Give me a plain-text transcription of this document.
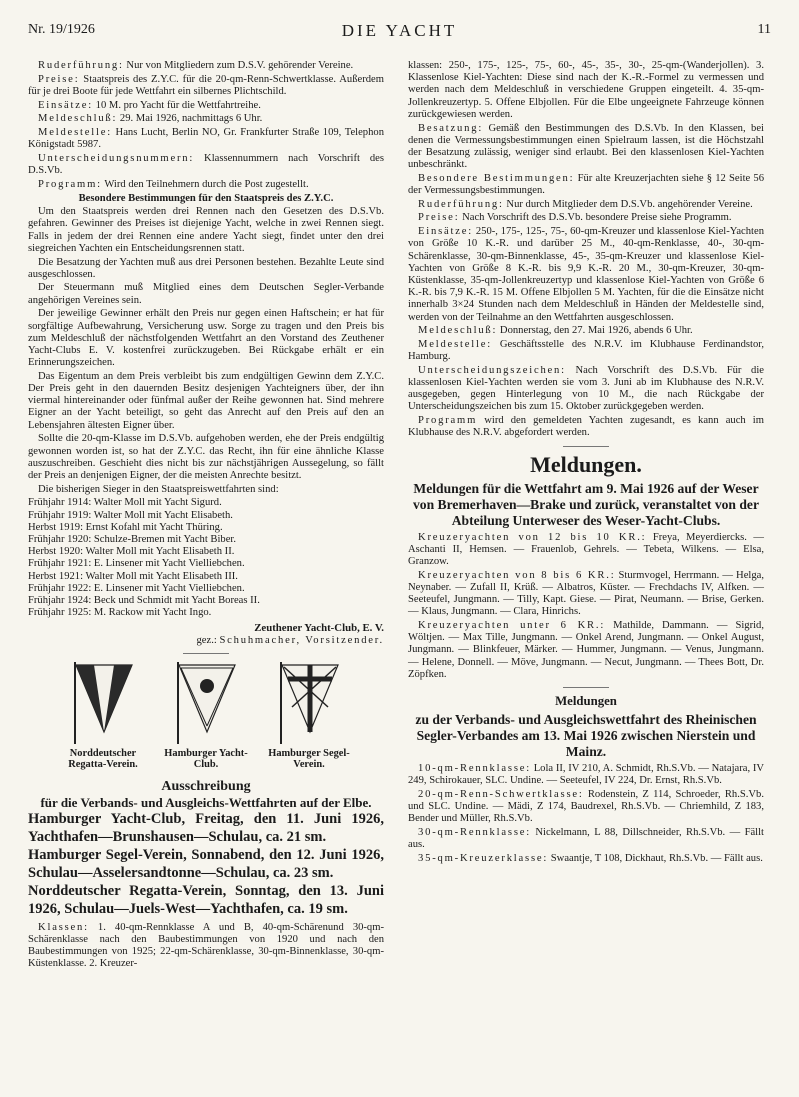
Nr. 19/1926	DIE YACHT	11

Ruderführung: Nur von Mitgliedern zum D.S.V. gehörender Vereine.

Preise: Staatspreis des Z.Y.C. für die 20-qm-Renn-Schwertklasse. Außerdem für je drei Boote für jede Wettfahrt ein silbernes Plichtschild.

Einsätze: 10 M. pro Yacht für die Wettfahrtreihe.

Meldeschluß: 29. Mai 1926, nachmittags 6 Uhr.

Meldestelle: Hans Lucht, Berlin NO, Gr. Frankfurter Straße 109, Telephon Königstadt 5987.

Unterscheidungsnummern: Klassennummern nach Vorschrift des D.S.Vb.

Programm: Wird den Teilnehmern durch die Post zugestellt.

Besondere Bestimmungen für den Staatspreis des Z.Y.C.

Um den Staatspreis werden drei Rennen nach den Gesetzen des D.S.Vb. gefahren. Gewinner des Preises ist diejenige Yacht, welche in zwei Rennen siegt. Falls in jedem der drei Rennen eine andere Yacht siegt, findet unter den drei siegreichen Yachten ein Entscheidungsrennen statt.

Die Besatzung der Yachten muß aus drei Personen bestehen. Bezahlte Leute sind ausgeschlossen.

Der Steuermann muß Mitglied eines dem Deutschen Segler-Verbande angehörigen Vereines sein.

Der jeweilige Gewinner erhält den Preis nur gegen einen Haftschein; er hat für sorgfältige Aufbewahrung, Versicherung usw. Sorge zu tragen und den Preis bis zum Meldeschluß der nächstfolgenden Wettfahrt an den Vorstand des Zeuthener Yacht-Clubs E. V. kostenfrei zurückzugeben. Bei Rückgabe erhält er ein Erinnerungszeichen.

Das Eigentum an dem Preis verbleibt bis zum endgültigen Gewinn dem Z.Y.C. Der Preis geht in den dauernden Besitz desjenigen Yachteigners über, der ihn viermal hintereinander oder fünfmal außer der Reihe gewonnen hat. Sind mehrere Eigner an der Yacht beteiligt, so geht das Anrecht auf den Preis auf den an Lebensjahren ältesten Eigner über.

Sollte die 20-qm-Klasse im D.S.Vb. aufgehoben werden, ehe der Preis endgültig gewonnen worden ist, so hat der Z.Y.C. das Recht, ihn für eine ähnliche Klasse auszuschreiben. Geschieht dies nicht bis zur nächstjährigen Aussegelung, so fällt der Preis an denjenigen Eigner, der die meisten Anrechte besitzt.

Die bisherigen Sieger in den Staatspreiswettfahrten sind:

Frühjahr 1914: Walter Moll mit Yacht Sigurd.

Frühjahr 1919: Walter Moll mit Yacht Elisabeth.

Herbst 1919: Ernst Kofahl mit Yacht Thüring.

Frühjahr 1920: Schulze-Bremen mit Yacht Biber.

Herbst 1920: Walter Moll mit Yacht Elisabeth II.

Frühjahr 1921: E. Linsener mit Yacht Vielliebchen.

Herbst 1921: Walter Moll mit Yacht Elisabeth III.

Frühjahr 1922: E. Linsener mit Yacht Vielliebchen.

Frühjahr 1924: Beck und Schmidt mit Yacht Boreas II.

Frühjahr 1925: M. Rackow mit Yacht Ingo.

Zeuthener Yacht-Club, E. V.
gez.: Schuhmacher, Vorsitzender.
Norddeutscher Regatta-Verein.
Hamburger Yacht-Club.
Hamburger Segel-Verein.
Ausschreibung
für die Verbands- und Ausgleichs-Wettfahrten auf der Elbe.
Hamburger Yacht-Club, Freitag, den 11. Juni 1926, Yachthafen—Brunshausen—Schulau, ca. 21 sm.
Hamburger Segel-Verein, Sonnabend, den 12. Juni 1926, Schulau—Asselersandtonne—Schulau, ca. 23 sm.
Norddeutscher Regatta-Verein, Sonntag, den 13. Juni 1926, Schulau—Juels-West—Yachthafen, ca. 19 sm.

Klassen: 1. 40-qm-Rennklasse A und B, 40-qm-Schärenund 30-qm-Schärenklasse nach den Baubestimmungen von 1920 und nach den Baubestimmungen von 1925; 22-qm-Schärenklasse, 30-qm-Binnenklasse, 30-qm-Küstenklasse. 2. Kreuzer-

klassen: 250-, 175-, 125-, 75-, 60-, 45-, 35-, 30-, 25-qm-(Wanderjollen). 3. Klassenlose Kiel-Yachten: Diese sind nach der K.-R.-Formel zu vermessen und werden nach dem Meldeschluß in verschiedene Gruppen eingeteilt. 4. 35-qm-Jollenkreuzertyp. 5. Offene Elbjollen. Für die Elbe ungeeignete Fahrzeuge können zurückgewiesen werden.

Besatzung: Gemäß den Bestimmungen des D.S.Vb. In den Klassen, bei denen die Vermessungsbestimmungen einen Spielraum lassen, ist die Höchstzahl der Besatzung zulässig, weniger sind erlaubt. Bei den klassenlosen Kiel-Yachten unbeschränkt.

Besondere Bestimmungen: Für alte Kreuzerjachten siehe § 12 Seite 56 der Vermessungsbestimmungen.

Ruderführung: Nur durch Mitglieder dem D.S.Vb. angehörender Vereine.

Preise: Nach Vorschrift des D.S.Vb. besondere Preise siehe Programm.

Einsätze: 250-, 175-, 125-, 75-, 60-qm-Kreuzer und klassenlose Kiel-Yachten von Größe 10 K.-R. und darüber 25 M., 40-qm-Renklasse, 40-, 30-qm-Schärenklasse, 30-qm-Binnenklasse, 45-, 35-qm-Kreuzer und klassenlose Kiel-Yachten von Größe 8 K.-R. bis 9,9 K.-R. 20 M., 30-qm-Kreuzer, 30-qm-Küstenklasse, 35-qm-Jollenkreuzertyp und klassenlose Kiel-Yachten von Größe 6 K.-R. bis 7,9 K.-R. 15 M. Offene Elbjollen 5 M. Yachten, für die die Einsätze nicht innerhalb 3×24 Stunden nach dem Meldeschluß in Händen der Meldestelle sind, werden von der Teilnahme an den Wettfahrten ausgeschlossen.

Meldeschluß: Donnerstag, den 27. Mai 1926, abends 6 Uhr.

Meldestelle: Geschäftsstelle des N.R.V. im Klubhause Ferdinandstor, Hamburg.

Unterscheidungszeichen: Nach Vorschrift des D.S.Vb. Für die klassenlosen Kiel-Yachten werden sie vom 3. Juni ab im Klubhause des N.R.V. ausgegeben, gegen Hinterlegung von 10 M., die nach Rückgabe der Unterscheidungszeichen bis zum 15. Oktober zurückgegeben werden.

Programm wird den gemeldeten Yachten zugesandt, es kann auch im Klubhause des N.R.V. abgefordert werden.

Meldungen.
Meldungen für die Wettfahrt am 9. Mai 1926 auf der Weser von Bremerhaven—Brake und zurück, veranstaltet von der Abteilung Unterweser des Weser-Yacht-Clubs.

Kreuzeryachten von 12 bis 10 KR.: Freya, Meyerdiercks. — Aschanti II, Hemsen. — Frauenlob, Gehrels. — Tebeta, Wilkens. — Elsa, Granzow.

Kreuzeryachten von 8 bis 6 KR.: Sturmvogel, Herrmann. — Helga, Neynaber. — Zufall II, Krüß. — Albatros, Küster. — Frechdachs IV, Alfken. — Seeteufel, Jungmann. — Tilly, Kapt. Giese. — Pirat, Neumann. — Brise, Gerken. — Klaus, Jungmann. — Clara, Hinrichs.

Kreuzeryachten unter 6 KR.: Mathilde, Dammann. — Sigrid, Wöltjen. — Max Tille, Jungmann. — Onkel Arend, Jungmann. — Onkel August, Jungmann. — Blinkfeuer, Märker. — Hummer, Jungmann. — Venus, Jungmann. — Helene, Donnell. — Möve, Jungmann. — Necut, Jungmann. — Thees Bott, Dr. Zöpfken.

Meldungen
zu der Verbands- und Ausgleichswettfahrt des Rheinischen Segler-Verbandes am 13. Mai 1926 zwischen Nierstein und Mainz.

10-qm-Rennklasse: Lola II, IV 210, A. Schmidt, Rh.S.Vb. — Natajara, IV 249, Schirokauer, SLC. Undine. — Seeteufel, IV 224, Dr. Ernst, Rh.S.Vb.

20-qm-Renn-Schwertklasse: Rodenstein, Z 114, Schroeder, Rh.S.Vb. und SLC. Undine. — Mädi, Z 174, Baudrexel, Rh.S.Vb. — Chriemhild, Z 183, Bender und Müller, Rh.S.Vb.

30-qm-Rennklasse: Nickelmann, L 88, Dillschneider, Rh.S.Vb. — Fällt aus.

35-qm-Kreuzerklasse: Swaantje, T 108, Dickhaut, Rh.S.Vb. — Fällt aus.
